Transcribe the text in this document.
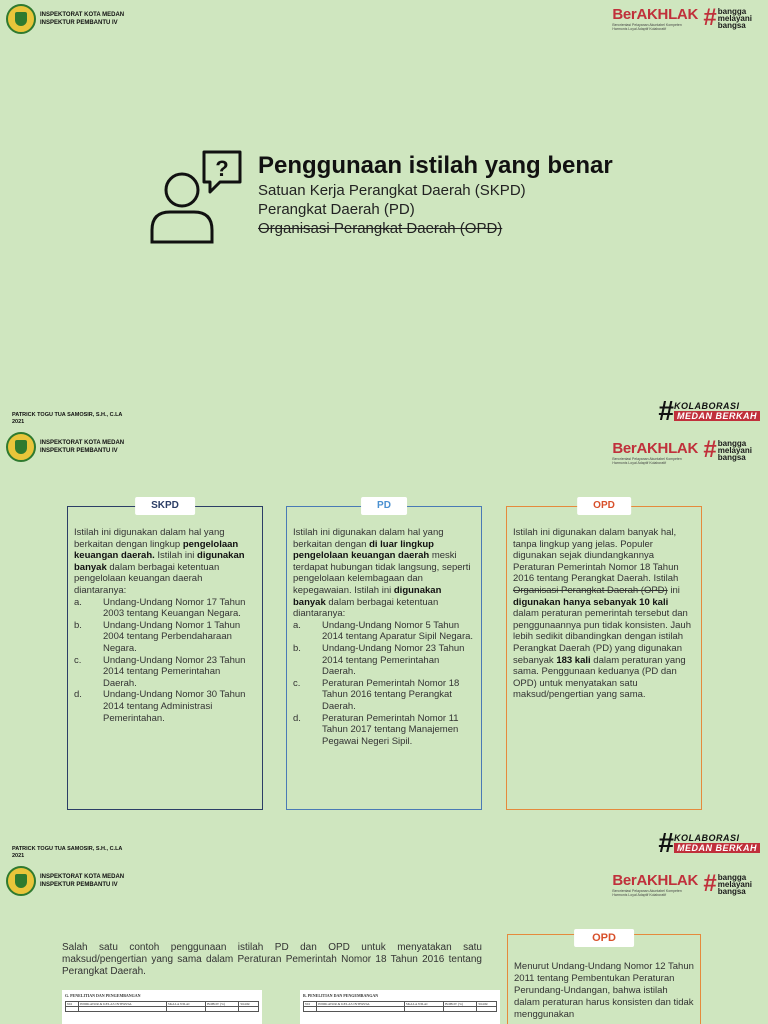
INSPEKTORAT KOTA MEDAN
INSPEKTUR PEMBANTU IV	BerAKHLAK
Berorientasi Pelayanan Akuntabel Kompeten
Harmonis Loyal Adaptif Kolaboratif	# bangga
melayani
bangsa
? Penggunaan istilah yang benar
Satuan Kerja Perangkat Daerah (SKPD)
Perangkat Daerah (PD)
Organisasi Perangkat Daerah (OPD)
PATRICK TOGU TUA SAMOSIR, S.H., C.LA
2021	# KOLABORASI
MEDAN BERKAH
INSPEKTORAT KOTA MEDAN
INSPEKTUR PEMBANTU IV	BerAKHLAK
Berorientasi Pelayanan Akuntabel Kompeten
Harmonis Loyal Adaptif Kolaboratif	# bangga
melayani
bangsa
SKPD
Istilah ini digunakan dalam hal yang berkaitan dengan lingkup pengelolaan keuangan daerah. Istilah ini digunakan banyak dalam berbagai ketentuan pengelolaan keuangan daerah diantaranya:
a.	Undang-Undang Nomor 17 Tahun 2003 tentang Keuangan Negara.
b.	Undang-Undang Nomor 1 Tahun 2004 tentang Perbendaharaan Negara.
c.	Undang-Undang Nomor 23 Tahun 2014 tentang Pemerintahan Daerah.
d.	Undang-Undang Nomor 30 Tahun 2014 tentang Administrasi Pemerintahan.
PD
Istilah ini digunakan dalam hal yang berkaitan dengan di luar lingkup pengelolaan keuangan daerah meski terdapat hubungan tidak langsung, seperti pengelolaan kelembagaan dan kepegawaian. Istilah ini digunakan banyak dalam berbagai ketentuan diantaranya:
a.	Undang-Undang Nomor 5 Tahun 2014 tentang Aparatur Sipil Negara.
b.	Undang-Undang Nomor 23 Tahun 2014 tentang Pemerintahan Daerah.
c.	Peraturan Pemerintah Nomor 18 Tahun 2016 tentang Perangkat Daerah.
d.	Peraturan Pemerintah Nomor 11 Tahun 2017 tentang Manajemen Pegawai Negeri Sipil.
OPD
Istilah ini digunakan dalam banyak hal, tanpa lingkup yang jelas. Populer digunakan sejak diundangkannya Peraturan Pemerintah Nomor 18 Tahun 2016 tentang Perangkat Daerah. Istilah Organisasi Perangkat Daerah (OPD) ini digunakan hanya sebanyak 10 kali dalam peraturan pemerintah tersebut dan penggunaannya pun tidak konsisten. Jauh lebih sedikit dibandingkan dengan istilah Perangkat Daerah (PD) yang digunakan sebanyak 183 kali dalam peraturan yang sama. Penggunaan keduanya (PD dan OPD) untuk menyatakan satu maksud/pengertian yang sama.
PATRICK TOGU TUA SAMOSIR, S.H., C.LA
2021	# KOLABORASI
MEDAN BERKAH
INSPEKTORAT KOTA MEDAN
INSPEKTUR PEMBANTU IV	BerAKHLAK
Berorientasi Pelayanan Akuntabel Kompeten
Harmonis Loyal Adaptif Kolaboratif	# bangga
melayani
bangsa
Salah satu contoh penggunaan istilah PD dan OPD untuk menyatakan satu maksud/pengertian yang sama dalam Peraturan Pemerintah Nomor 18 Tahun 2016 tentang Perangkat Daerah.
OPD
Menurut Undang-Undang Nomor 12 Tahun 2011 tentang Pembentukan Peraturan Perundang-Undangan, bahwa istilah dalam peraturan harus konsisten dan tidak menggunakan
G. PENELITIAN DAN PENGEMBANGAN
NO	INDIKATOR & KELAS INTERVAL	SKALA NILAI	BOBOT (%)	SKOR

B. PENELITIAN DAN PENGEMBANGAN
NO	INDIKATOR & KELAS INTERVAL	SKALA NILAI	BOBOT (%)	SKOR
